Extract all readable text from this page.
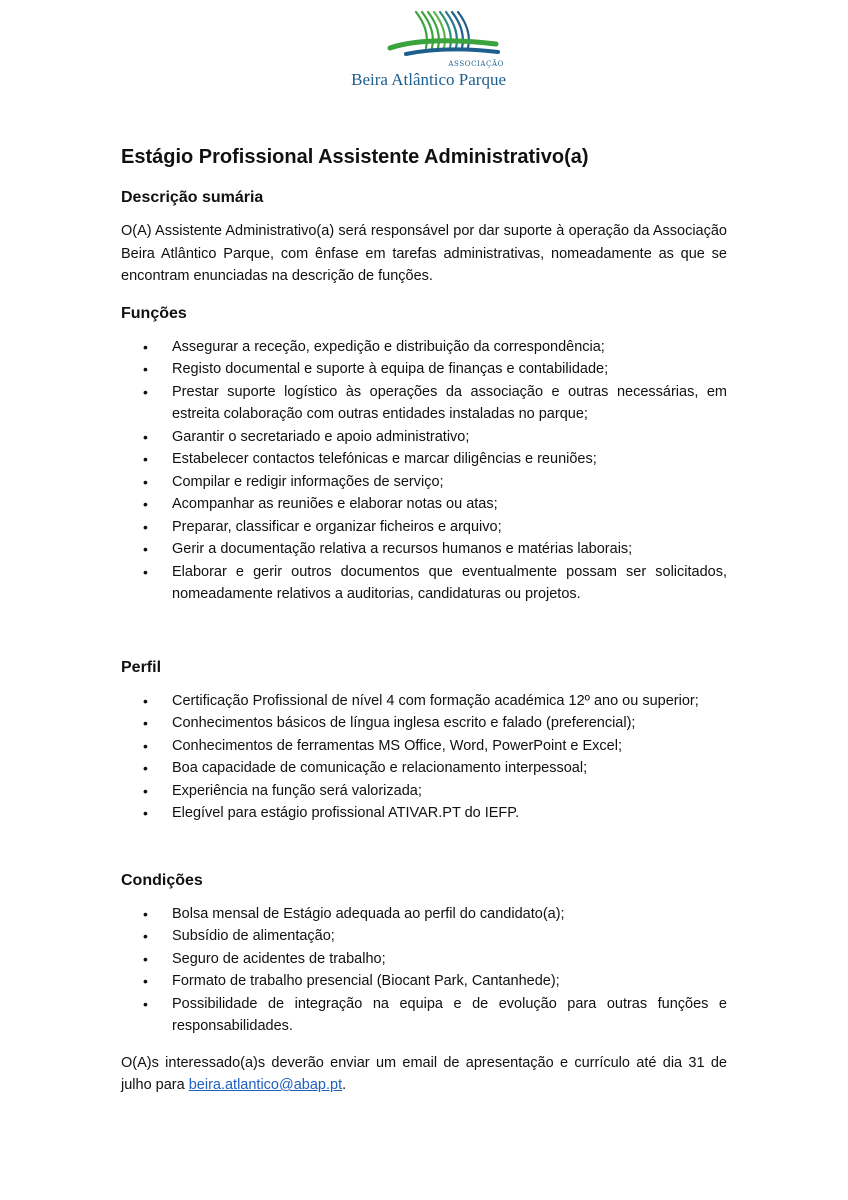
ASSOCIAÇÃO
Beira Atlântico Parque
Estágio Profissional Assistente Administrativo(a)
Descrição sumária

O(A) Assistente Administrativo(a) será responsável por dar suporte à operação da Associação Beira Atlântico Parque, com ênfase em tarefas administrativas, nomeadamente as que se encontram enunciadas na descrição de funções.

Funções
• Assegurar a receção, expedição e distribuição da correspondência;
• Registo documental e suporte à equipa de finanças e contabilidade;
• Prestar suporte logístico às operações da associação e outras necessárias, em estreita colaboração com outras entidades instaladas no parque;
• Garantir o secretariado e apoio administrativo;
• Estabelecer contactos telefónicas e marcar diligências e reuniões;
• Compilar e redigir informações de serviço;
• Acompanhar as reuniões e elaborar notas ou atas;
• Preparar, classificar e organizar ficheiros e arquivo;
• Gerir a documentação relativa a recursos humanos e matérias laborais;
• Elaborar e gerir outros documentos que eventualmente possam ser solicitados, nomeadamente relativos a auditorias, candidaturas ou projetos.
Perfil
• Certificação Profissional de nível 4 com formação académica 12º ano ou superior;
• Conhecimentos básicos de língua inglesa escrito e falado (preferencial);
• Conhecimentos de ferramentas MS Office, Word, PowerPoint e Excel;
• Boa capacidade de comunicação e relacionamento interpessoal;
• Experiência na função será valorizada;
• Elegível para estágio profissional ATIVAR.PT do IEFP.
Condições
• Bolsa mensal de Estágio adequada ao perfil do candidato(a);
• Subsídio de alimentação;
• Seguro de acidentes de trabalho;
• Formato de trabalho presencial (Biocant Park, Cantanhede);
• Possibilidade de integração na equipa e de evolução para outras funções e responsabilidades.

O(A)s interessado(a)s deverão enviar um email de apresentação e currículo até dia 31 de julho para beira.atlantico@abap.pt.
